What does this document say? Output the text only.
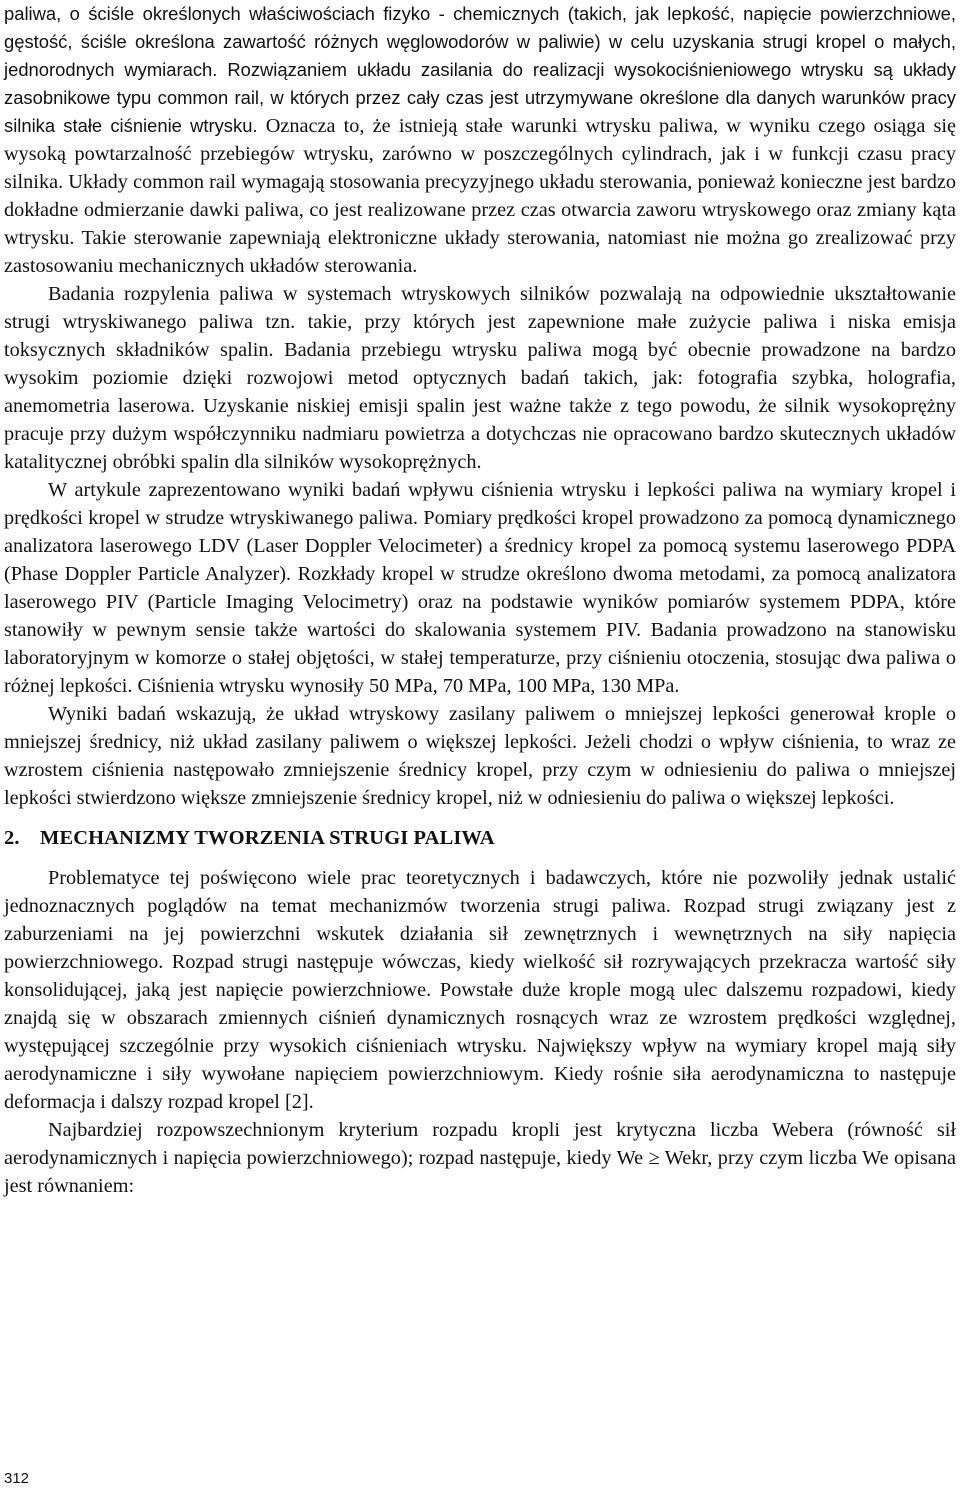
paliwa, o ściśle określonych właściwościach fizyko - chemicznych (takich, jak lepkość, napięcie powierzchniowe, gęstość, ściśle określona zawartość różnych węglowodorów w paliwie) w celu uzyskania strugi kropel o małych, jednorodnych wymiarach. Rozwiązaniem układu zasilania do realizacji wysokociśnieniowego wtrysku są układy zasobnikowe typu common rail, w których przez cały czas jest utrzymywane określone dla danych warunków pracy silnika stałe ciśnienie wtrysku. Oznacza to, że istnieją stałe warunki wtrysku paliwa, w wyniku czego osiąga się wysoką powtarzalność przebiegów wtrysku, zarówno w poszczególnych cylindrach, jak i w funkcji czasu pracy silnika. Układy common rail wymagają stosowania precyzyjnego układu sterowania, ponieważ konieczne jest bardzo dokładne odmierzanie dawki paliwa, co jest realizowane przez czas otwarcia zaworu wtryskowego oraz zmiany kąta wtrysku. Takie sterowanie zapewniają elektroniczne układy sterowania, natomiast nie można go zrealizować przy zastosowaniu mechanicznych układów sterowania.

Badania rozpylenia paliwa w systemach wtryskowych silników pozwalają na odpowiednie ukształtowanie strugi wtryskiwanego paliwa tzn. takie, przy których jest zapewnione małe zużycie paliwa i niska emisja toksycznych składników spalin. Badania przebiegu wtrysku paliwa mogą być obecnie prowadzone na bardzo wysokim poziomie dzięki rozwojowi metod optycznych badań takich, jak: fotografia szybka, holografia, anemometria laserowa. Uzyskanie niskiej emisji spalin jest ważne także z tego powodu, że silnik wysokoprężny pracuje przy dużym współczynniku nadmiaru powietrza a dotychczas nie opracowano bardzo skutecznych układów katalitycznej obróbki spalin dla silników wysokoprężnych.

W artykule zaprezentowano wyniki badań wpływu ciśnienia wtrysku i lepkości paliwa na wymiary kropel i prędkości kropel w strudze wtryskiwanego paliwa. Pomiary prędkości kropel prowadzono za pomocą dynamicznego analizatora laserowego LDV (Laser Doppler Velocimeter) a średnicy kropel za pomocą systemu laserowego PDPA (Phase Doppler Particle Analyzer). Rozkłady kropel w strudze określono dwoma metodami, za pomocą analizatora laserowego PIV (Particle Imaging Velocimetry) oraz na podstawie wyników pomiarów systemem PDPA, które stanowiły w pewnym sensie także wartości do skalowania systemem PIV. Badania prowadzono na stanowisku laboratoryjnym w komorze o stałej objętości, w stałej temperaturze, przy ciśnieniu otoczenia, stosując dwa paliwa o różnej lepkości. Ciśnienia wtrysku wynosiły 50 MPa, 70 MPa, 100 MPa, 130 MPa.

Wyniki badań wskazują, że układ wtryskowy zasilany paliwem o mniejszej lepkości generował krople o mniejszej średnicy, niż układ zasilany paliwem o większej lepkości. Jeżeli chodzi o wpływ ciśnienia, to wraz ze wzrostem ciśnienia następowało zmniejszenie średnicy kropel, przy czym w odniesieniu do paliwa o mniejszej lepkości stwierdzono większe zmniejszenie średnicy kropel, niż w odniesieniu do paliwa o większej lepkości.

2. MECHANIZMY TWORZENIA STRUGI PALIWA

Problematyce tej poświęcono wiele prac teoretycznych i badawczych, które nie pozwoliły jednak ustalić jednoznacznych poglądów na temat mechanizmów tworzenia strugi paliwa. Rozpad strugi związany jest z zaburzeniami na jej powierzchni wskutek działania sił zewnętrznych i wewnętrznych na siły napięcia powierzchniowego. Rozpad strugi następuje wówczas, kiedy wielkość sił rozrywających przekracza wartość siły konsolidującej, jaką jest napięcie powierzchniowe. Powstałe duże krople mogą ulec dalszemu rozpadowi, kiedy znajdą się w obszarach zmiennych ciśnień dynamicznych rosnących wraz ze wzrostem prędkości względnej, występującej szczególnie przy wysokich ciśnieniach wtrysku. Największy wpływ na wymiary kropel mają siły aerodynamiczne i siły wywołane napięciem powierzchniowym. Kiedy rośnie siła aerodynamiczna to następuje deformacja i dalszy rozpad kropel [2].

Najbardziej rozpowszechnionym kryterium rozpadu kropli jest krytyczna liczba Webera (równość sił aerodynamicznych i napięcia powierzchniowego); rozpad następuje, kiedy We ≥ Wekr, przy czym liczba We opisana jest równaniem:

312
